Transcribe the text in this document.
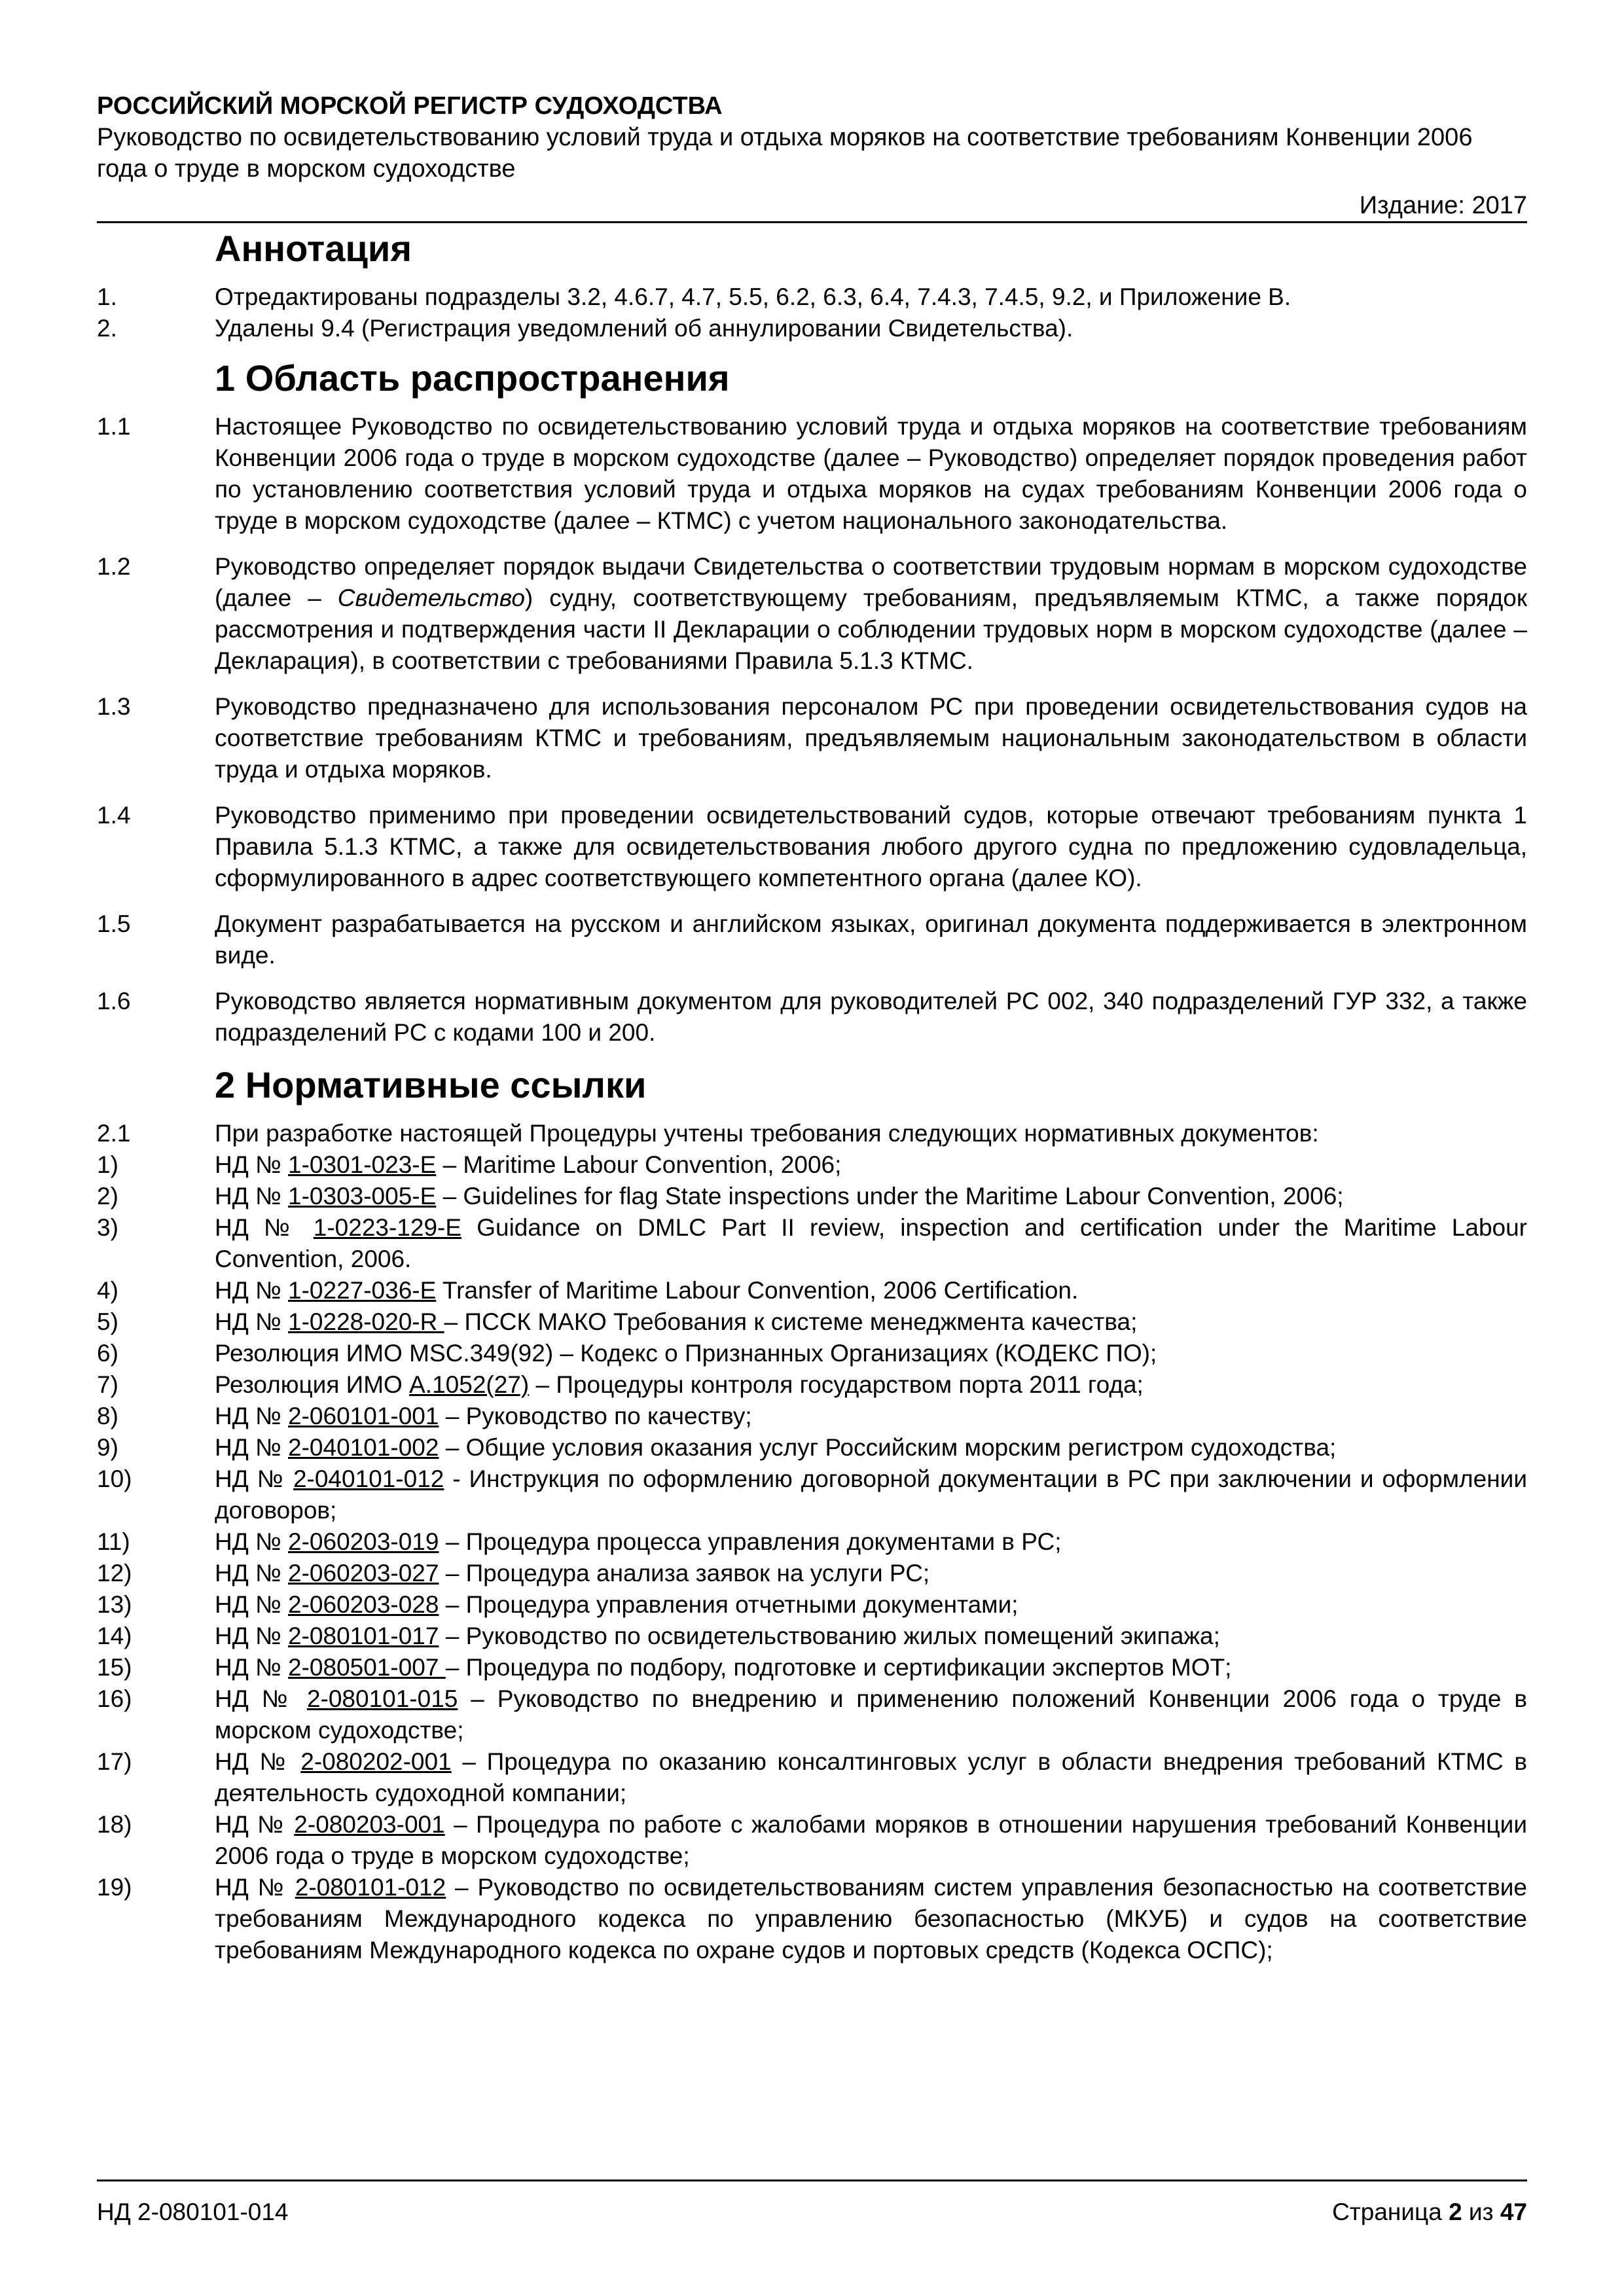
РОССИЙСКИЙ МОРСКОЙ РЕГИСТР СУДОХОДСТВА
Руководство по освидетельствованию условий труда и отдыха моряков на соответствие требованиям Конвенции 2006 года о труде в морском судоходстве
Издание: 2017
Аннотация
1.	Отредактированы подразделы 3.2, 4.6.7, 4.7, 5.5, 6.2, 6.3, 6.4, 7.4.3, 7.4.5, 9.2, и Приложение В.
2.	Удалены 9.4 (Регистрация уведомлений об аннулировании Свидетельства).
1 Область распространения
1.1	Настоящее Руководство по освидетельствованию условий труда и отдыха моряков на соответствие требованиям Конвенции 2006 года о труде в морском судоходстве (далее – Руководство) определяет порядок проведения работ по установлению соответствия условий труда и отдыха моряков на судах требованиям Конвенции 2006 года о труде в морском судоходстве (далее – КТМС) с учетом национального законодательства.
1.2	Руководство определяет порядок выдачи Свидетельства о соответствии трудовым нормам в морском судоходстве (далее – Свидетельство) судну, соответствующему требованиям, предъявляемым КТМС, а также порядок рассмотрения и подтверждения части II Декларации о соблюдении трудовых норм в морском судоходстве (далее – Декларация), в соответствии с требованиями Правила 5.1.3 КТМС.
1.3	Руководство предназначено для использования персоналом РС при проведении освидетельствования судов на соответствие требованиям КТМС и требованиям, предъявляемым национальным законодательством в области труда и отдыха моряков.
1.4	Руководство применимо при проведении освидетельствований судов, которые отвечают требованиям пункта 1 Правила 5.1.3 КТМС, а также для освидетельствования любого другого судна по предложению судовладельца, сформулированного в адрес соответствующего компетентного органа (далее КО).
1.5	Документ разрабатывается на русском и английском языках, оригинал документа поддерживается в электронном виде.
1.6	Руководство является нормативным документом для руководителей РС 002, 340 подразделений ГУР 332, а также подразделений РС с кодами 100 и 200.
2 Нормативные ссылки
2.1	При разработке настоящей Процедуры учтены требования следующих нормативных документов:
1)	НД № 1-0301-023-E – Maritime Labour Convention, 2006;
2)	НД № 1-0303-005-E – Guidelines for flag State inspections under the Maritime Labour Convention, 2006;
3)	НД № 1-0223-129-E Guidance on DMLC Part II review, inspection and certification under the Maritime Labour Convention, 2006.
4)	НД № 1-0227-036-E Transfer of Maritime Labour Convention, 2006 Certification.
5)	НД № 1-0228-020-R – ПССК МАКО Требования к системе менеджмента качества;
6)	Резолюция ИМО MSC.349(92) – Кодекс о Признанных Организациях (КОДЕКС ПО);
7)	Резолюция ИМО A.1052(27) – Процедуры контроля государством порта 2011 года;
8)	НД № 2-060101-001 – Руководство по качеству;
9)	НД № 2-040101-002 – Общие условия оказания услуг Российским морским регистром судоходства;
10)	НД № 2-040101-012 - Инструкция по оформлению договорной документации в РС при заключении и оформлении договоров;
11)	НД № 2-060203-019 – Процедура процесса управления документами в РС;
12)	НД № 2-060203-027 – Процедура анализа заявок на услуги РС;
13)	НД № 2-060203-028 – Процедура управления отчетными документами;
14)	НД № 2-080101-017 – Руководство по освидетельствованию жилых помещений экипажа;
15)	НД № 2-080501-007 – Процедура по подбору, подготовке и сертификации экспертов МОТ;
16)	НД № 2-080101-015 – Руководство по внедрению и применению положений Конвенции 2006 года о труде в морском судоходстве;
17)	НД № 2-080202-001 – Процедура по оказанию консалтинговых услуг в области внедрения требований КТМС в деятельность судоходной компании;
18)	НД № 2-080203-001 – Процедура по работе с жалобами моряков в отношении нарушения требований Конвенции 2006 года о труде в морском судоходстве;
19)	НД № 2-080101-012 – Руководство по освидетельствованиям систем управления безопасностью на соответствие требованиям Международного кодекса по управлению безопасностью (МКУБ) и судов на соответствие требованиям Международного кодекса по охране судов и портовых средств (Кодекса ОСПС);
НД 2-080101-014	Страница 2 из 47
